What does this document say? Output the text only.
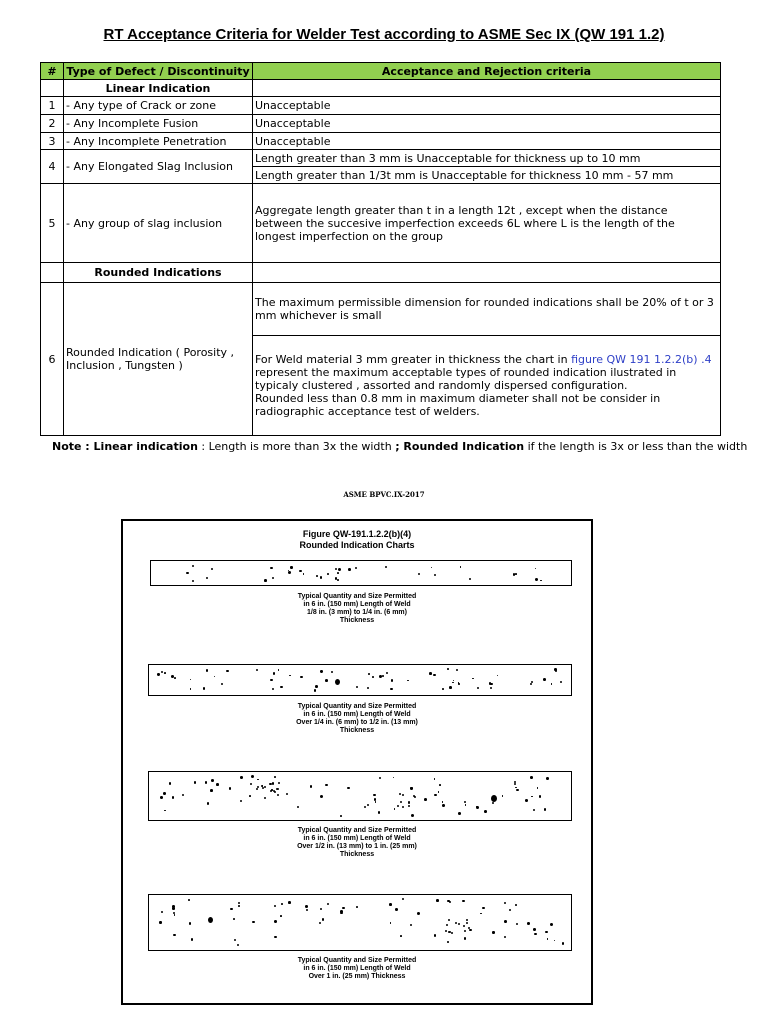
RT Acceptance Criteria for Welder Test according to ASME Sec IX (QW 191 1.2)
#	Type of Defect / Discontinuity	Acceptance and Rejection criteria
	Linear Indication	
1	- Any type of Crack or zone	Unacceptable
2	- Any Incomplete Fusion	Unacceptable
3	- Any Incomplete Penetration	Unacceptable
4	- Any Elongated Slag Inclusion	Length greater than 3 mm is Unacceptable for thickness up to 10 mm
		Length greater than 1/3t mm is Unacceptable for thickness 10 mm - 57 mm
5	- Any group of slag inclusion	Aggregate length greater than t in a length 12t , except when the distance between the succesive imperfection exceeds 6L where L is the length of the longest imperfection on the group
	Rounded Indications	
6	Rounded Indication ( Porosity , Inclusion , Tungsten )	The maximum permissible dimension for rounded indications shall be 20% of t or 3 mm whichever is small
		For Weld material 3 mm greater in thickness the chart in figure QW 191 1.2.2(b) .4 represent the maximum acceptable types of rounded indication ilustrated in typicaly clustered , assorted and randomly dispersed configuration.
Rounded less than 0.8 mm in maximum diameter shall not be consider in radiographic acceptance test of welders.
Note : Linear indication : Length is more than 3x the width ; Rounded Indication if the length is 3x or less than the width
ASME BPVC.IX-2017
Figure QW-191.1.2.2(b)(4)
Rounded Indication Charts
Typical Quantity and Size Permitted
in 6 in. (150 mm) Length of Weld
1/8 in. (3 mm) to 1/4 in. (6 mm)
Thickness
Typical Quantity and Size Permitted
in 6 in. (150 mm) Length of Weld
Over 1/4 in. (6 mm) to 1/2 in. (13 mm)
Thickness
Typical Quantity and Size Permitted
in 6 in. (150 mm) Length of Weld
Over 1/2 in. (13 mm) to 1 in. (25 mm)
Thickness
Typical Quantity and Size Permitted
in 6 in. (150 mm) Length of Weld
Over 1 in. (25 mm) Thickness
